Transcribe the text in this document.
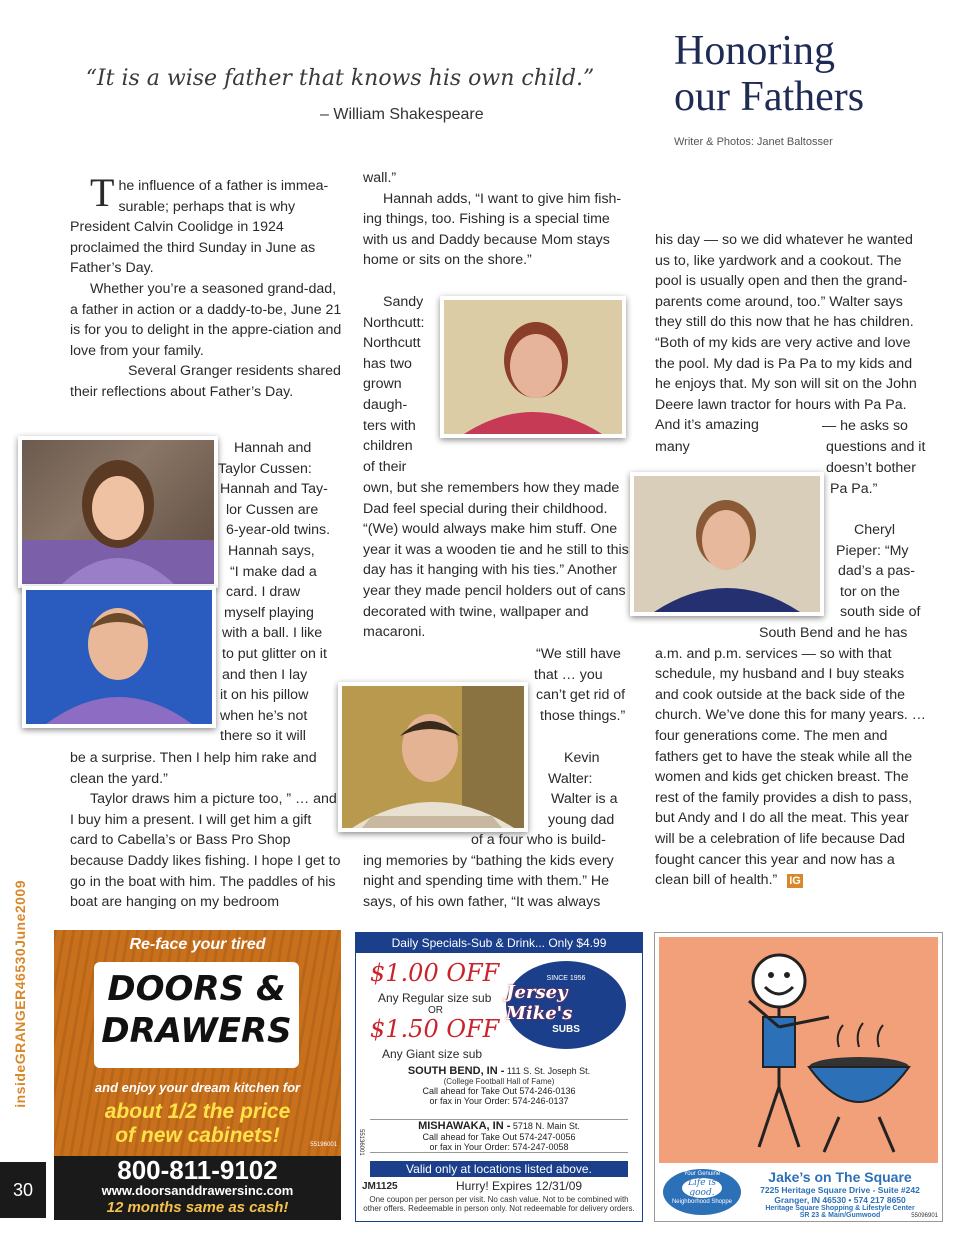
“It is a wise father that knows his own child.”
– William Shakespeare
Honoring
our Fathers
Writer & Photos: Janet Baltosser

T he influence of a father is immea-surable; perhaps that is why President Calvin Coolidge in 1924 proclaimed the third Sunday in June as Father’s Day.

Whether you’re a seasoned grand-dad, a father in action or a daddy-to-be, June 21 is for you to delight in the appre-ciation and love from your family.

Several Granger residents shared their reflections about Father’s Day.

Hannah and
Taylor Cussen:
Hannah and Tay-
lor Cussen are
6-year-old twins.
Hannah says,
“I make dad a
card. I draw
myself playing
with a ball. I like
to put glitter on it
and then I lay
it on his pillow
when he’s not
there so it will

be a surprise. Then I help him rake and clean the yard.”

Taylor draws him a picture too, ” … and I buy him a present. I will get him a gift card to Cabella’s or Bass Pro Shop because Daddy likes fishing. I hope I get to go in the boat with him. The paddles of his boat are hanging on my bedroom

wall.”

Hannah adds, “I want to give him fish-ing things, too. Fishing is a special time with us and Daddy because Mom stays home or sits on the shore.”

Sandy
Northcutt:
Northcutt
has two
grown
daugh-
ters with
children
of their

own, but she remembers how they made Dad feel special during their childhood. “(We) would always make him stuff. One year it was a wooden tie and he still to this day has it hanging with his ties.” Another year they made pencil holders out of cans decorated with twine, wallpaper and

macaroni.

“We still have
that … you
can’t get rid of
those things.”
Kevin
Walter:
Walter is a
young dad
of a four who is build-

ing memories by “bathing the kids every night and spending time with them.” He says, of his own father, “It was always

his day — so we did whatever he wanted us to, like yardwork and a cookout. The pool is usually open and then the grand-parents come around, too.” Walter says they still do this now that he has children. “Both of my kids are very active and love the pool. My dad is Pa Pa to my kids and he enjoys that. My son will sit on the John Deere lawn tractor for hours with Pa Pa. And it’s amazing

many
— he asks so
questions and it
doesn’t bother
Pa Pa.”
Cheryl
Pieper: “My
dad’s a pas-
tor on the
south side of
South Bend and he has

a.m. and p.m. services — so with that schedule, my husband and I buy steaks and cook outside at the back side of the church. We’ve done this for many years. … four generations come. The men and fathers get to have the steak while all the women and kids get chicken breast. The rest of the family provides a dish to pass, but Andy and I do all the meat. This year will be a celebration of life because Dad fought cancer this year and now has a clean bill of health.” IG

insideGRANGER46530June2009
30
Re-face your tired
DOORS &
DRAWERS
and enjoy your dream kitchen for
about 1/2 the price
of new cabinets!	55196001
800-811-9102
www.doorsanddrawersinc.com
12 months same as cash!
Daily Specials-Sub & Drink... Only $4.99
$1.00 OFF
Any Regular size sub
OR
$1.50 OFF
Any Giant size sub
SINCE 1956
Jersey Mike's
SUBS
SOUTH BEND, IN - 111 S. St. Joseph St.
(College Football Hall of Fame)
Call ahead for Take Out 574-246-0136
or fax in Your Order: 574-246-0137
MISHAWAKA, IN - 5718 N. Main St.
Call ahead for Take Out 574-247-0056
or fax in Your Order: 574-247-0058
Valid only at locations listed above.
JM1125	Hurry! Expires 12/31/09
55136001
One coupon per person per visit. No cash value. Not to be combined with
other offers. Redeemable in person only. Not redeemable for delivery orders.
Your Genuine
Life is good.
Neighborhood Shoppe
Jake’s on The Square
7225 Heritage Square Drive - Suite #242
Granger, IN 46530 • 574 217 8650
Heritage Square Shopping & Lifestyle Center
SR 23 & Main/Gumwood	55096901
